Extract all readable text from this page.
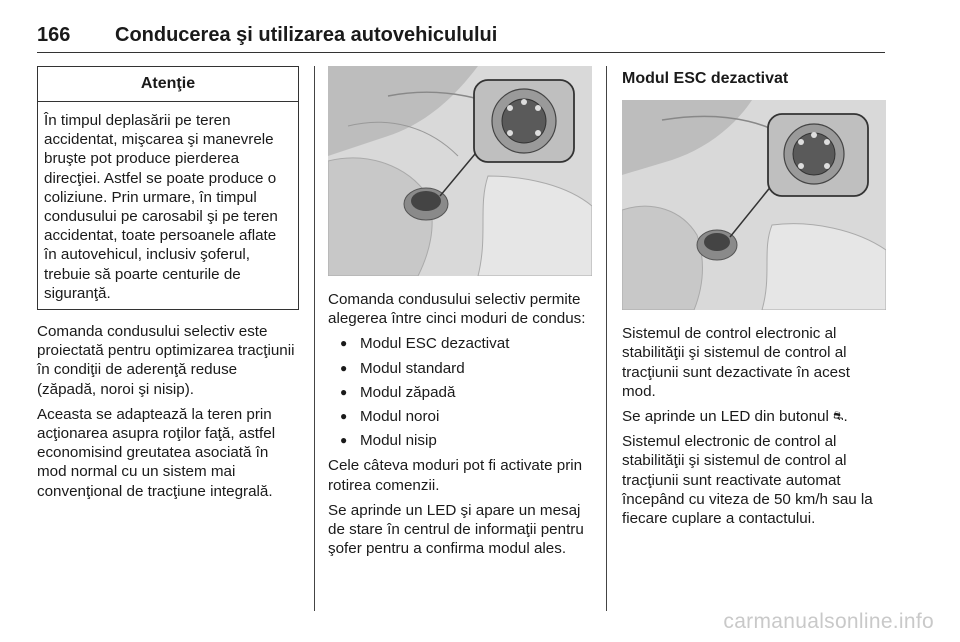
166 Conducerea şi utilizarea autovehiculului
Atenţie
În timpul deplasării pe teren accidentat, mişcarea şi manevrele bruşte pot produce pierderea direcţiei. Astfel se poate produce o coliziune. Prin urmare, în timpul condusului pe carosabil şi pe teren accidentat, toate persoanele aflate în autovehicul, inclusiv şoferul, trebuie să poarte centurile de siguranţă.

Comanda condusului selectiv este proiectată pentru optimizarea tracţiunii în condiţii de aderenţă reduse (zăpadă, noroi şi nisip).

Aceasta se adaptează la teren prin acţionarea asupra roţilor faţă, astfel economisind greutatea asociată în mod normal cu un sistem mai convenţional de tracţiune integrală.

Comanda condusului selectiv permite alegerea între cinci moduri de condus:

● Modul ESC dezactivat
● Modul standard
● Modul zăpadă
● Modul noroi
● Modul nisip

Cele câteva moduri pot fi activate prin rotirea comenzii.

Se aprinde un LED şi apare un mesaj de stare în centrul de informaţii pentru şofer pentru a confirma modul ales.

Modul ESC dezactivat

Sistemul de control electronic al stabilităţii şi sistemul de control al tracţiunii sunt dezactivate în acest mod.

Se aprinde un LED din butonul ⛐.

Sistemul electronic de control al stabilităţii şi sistemul de control al tracţiunii sunt reactivate automat începând cu viteza de 50 km/h sau la fiecare cuplare a contactului.

carmanualsonline.info
